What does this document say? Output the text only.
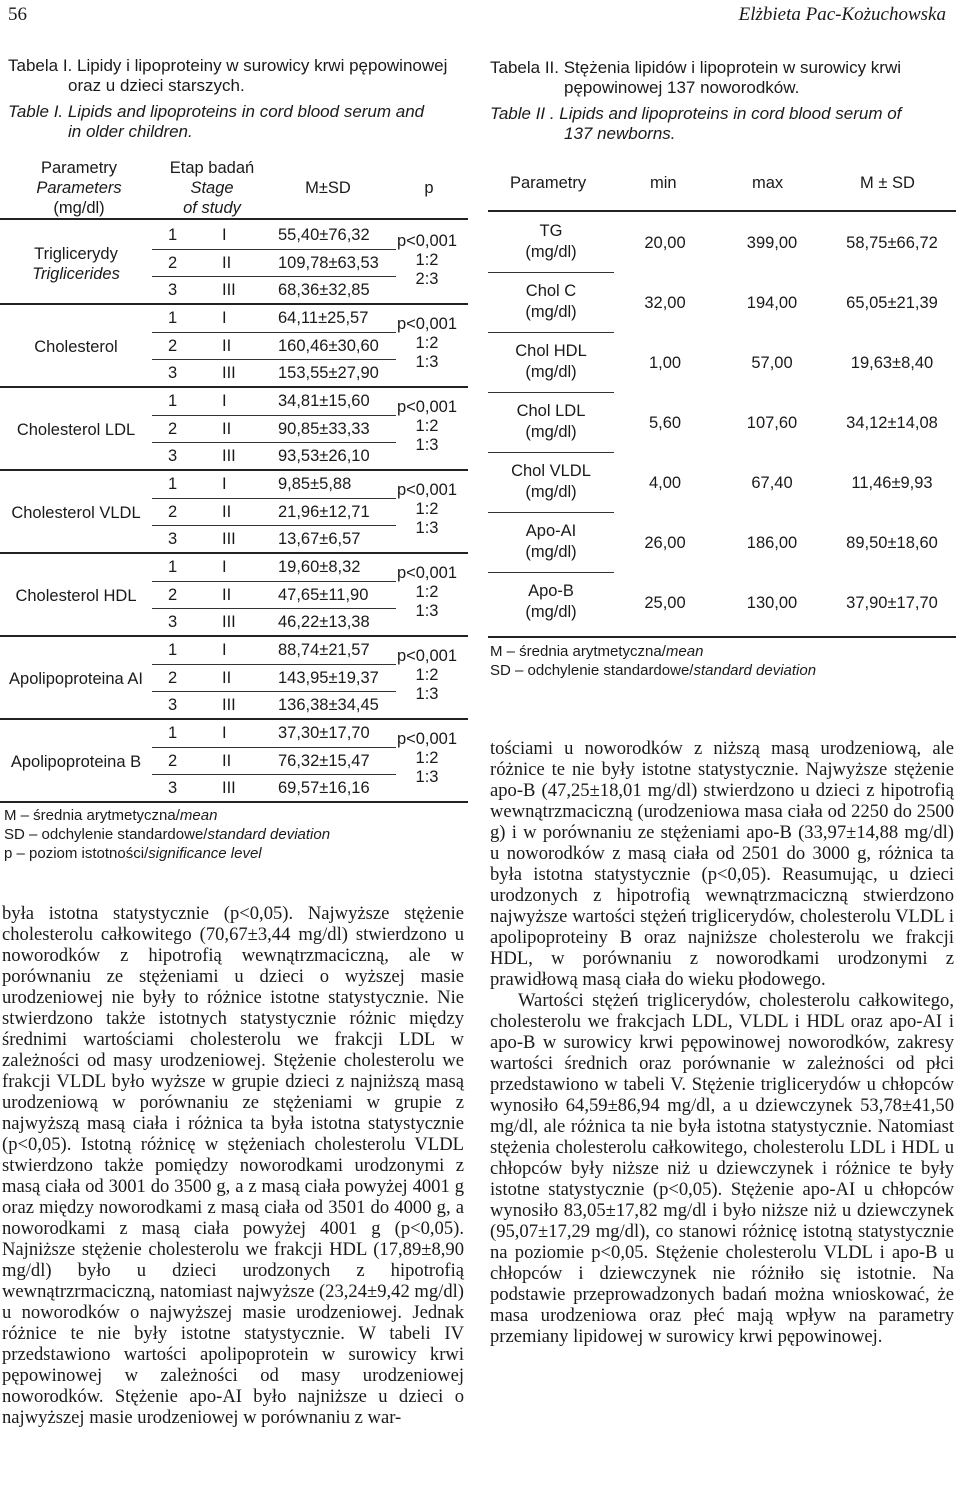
56	Elżbieta Pac-Kożuchowska
Tabela I. Lipidy i lipoproteiny w surowicy krwi pępowinowej

oraz u dzieci starszych.
Table I. Lipids and lipoproteins in cord blood serum and
in older children.
Tabela II. Stężenia lipidów i lipoprotein w surowicy krwi

pępowinowej 137 noworodków.
Table II . Lipids and lipoproteins in cord blood serum of
137 newborns.
Parametry
Parameters
(mg/dl)
Etap badań
Stage
of study
M±SD	p
Triglicerydy
Triglicerides
1	I	55,40±76,32
2	II	109,78±63,53
3	III	68,36±32,85
p<0,001
1:2
2:3
Cholesterol
1	I	64,11±25,57
2	II	160,46±30,60
3	III	153,55±27,90
p<0,001
1:2
1:3
Cholesterol LDL
1	I	34,81±15,60
2	II	90,85±33,33
3	III	93,53±26,10
p<0,001
1:2
1:3
Cholesterol VLDL
1	I	9,85±5,88
2	II	21,96±12,71
3	III	13,67±6,57
p<0,001
1:2
1:3
Cholesterol HDL
1	I	19,60±8,32
2	II	47,65±11,90
3	III	46,22±13,38
p<0,001
1:2
1:3
Apolipoproteina AI
1	I	88,74±21,57
2	II	143,95±19,37
3	III	136,38±34,45
p<0,001
1:2
1:3
Apolipoproteina B
1	I	37,30±17,70
2	II	76,32±15,47
3	III	69,57±16,16
p<0,001
1:2
1:3
M – średnia arytmetyczna/mean
SD – odchylenie standardowe/standard deviation
p – poziom istotności/significance level
Parametry	min	max	M ± SD
TG
(mg/dl)	20,00	399,00	58,75±66,72
Chol C
(mg/dl)	32,00	194,00	65,05±21,39
Chol HDL
(mg/dl)	1,00	57,00	19,63±8,40
Chol LDL
(mg/dl)	5,60	107,60	34,12±14,08
Chol VLDL
(mg/dl)	4,00	67,40	11,46±9,93
Apo-AI
(mg/dl)	26,00	186,00	89,50±18,60
Apo-B
(mg/dl)	25,00	130,00	37,90±17,70
M – średnia arytmetyczna/mean
SD – odchylenie standardowe/standard deviation

była istotna statystycznie (p<0,05). Najwyższe stężenie cholesterolu całkowitego (70,67±3,44 mg/dl) stwierdzono u noworodków z hipotrofią wewnątrzmaciczną, ale w porównaniu ze stężeniami u dzieci o wyższej masie urodzeniowej nie były to różnice istotne statystycznie. Nie stwierdzono także istotnych statystycznie różnic między średnimi wartościami cholesterolu we frakcji LDL w zależności od masy urodzeniowej. Stężenie cholesterolu we frakcji VLDL było wyższe w grupie dzieci z najniższą masą urodzeniową w porównaniu ze stężeniami w grupie z najwyższą masą ciała i różnica ta była istotna statystycznie (p<0,05). Istotną różnicę w stężeniach cholesterolu VLDL stwierdzono także pomiędzy noworodkami urodzonymi z masą ciała od 3001 do 3500 g, a z masą ciała powyżej 4001 g oraz między noworodkami z masą ciała od 3501 do 4000 g, a noworodkami z masą ciała powyżej 4001 g (p<0,05). Najniższe stężenie cholesterolu we frakcji HDL (17,89±8,90 mg/dl) było u dzieci urodzonych z hipotrofią wewnątrzrmaciczną, natomiast najwyższe (23,24±9,42 mg/dl) u noworodków o najwyższej masie urodzeniowej. Jednak różnice te nie były istotne statystycznie. W tabeli IV przedstawiono wartości apolipoprotein w surowicy krwi pępowinowej w zależności od masy urodzeniowej noworodków. Stężenie apo-AI było najniższe u dzieci o najwyższej masie urodzeniowej w porównaniu z war-

tościami u noworodków z niższą masą urodzeniową, ale różnice te nie były istotne statystycznie. Najwyższe stężenie apo-B (47,25±18,01 mg/dl) stwierdzono u dzieci z hipotrofią wewnątrzmaciczną (urodzeniowa masa ciała od 2250 do 2500 g) i w porównaniu ze stężeniami apo-B (33,97±14,88 mg/dl) u noworodków z masą ciała od 2501 do 3000 g, różnica ta była istotna statystycznie (p<0,05). Reasumując, u dzieci urodzonych z hipotrofią wewnątrzmaciczną stwierdzono najwyższe wartości stężeń triglicerydów, cholesterolu VLDL i apolipoproteiny B oraz najniższe cholesterolu we frakcji HDL, w porównaniu z noworodkami urodzonymi z prawidłową masą ciała do wieku płodowego.

Wartości stężeń triglicerydów, cholesterolu całkowitego, cholesterolu we frakcjach LDL, VLDL i HDL oraz apo-AI i apo-B w surowicy krwi pępowinowej noworodków, zakresy wartości średnich oraz porównanie w zależności od płci przedstawiono w tabeli V. Stężenie triglicerydów u chłopców wynosiło 64,59±86,94 mg/dl, a u dziewczynek 53,78±41,50 mg/dl, ale różnica ta nie była istotna statystycznie. Natomiast stężenia cholesterolu całkowitego, cholesterolu LDL i HDL u chłopców były niższe niż u dziewczynek i różnice te były istotne statystycznie (p<0,05). Stężenie apo-AI u chłopców wynosiło 83,05±17,82 mg/dl i było niższe niż u dziewczynek (95,07±17,29 mg/dl), co stanowi różnicę istotną statystycznie na poziomie p<0,05. Stężenie cholesterolu VLDL i apo-B u chłopców i dziewczynek nie różniło się istotnie. Na podstawie przeprowadzonych badań można wnioskować, że masa urodzeniowa oraz płeć mają wpływ na parametry przemiany lipidowej w surowicy krwi pępowinowej.
